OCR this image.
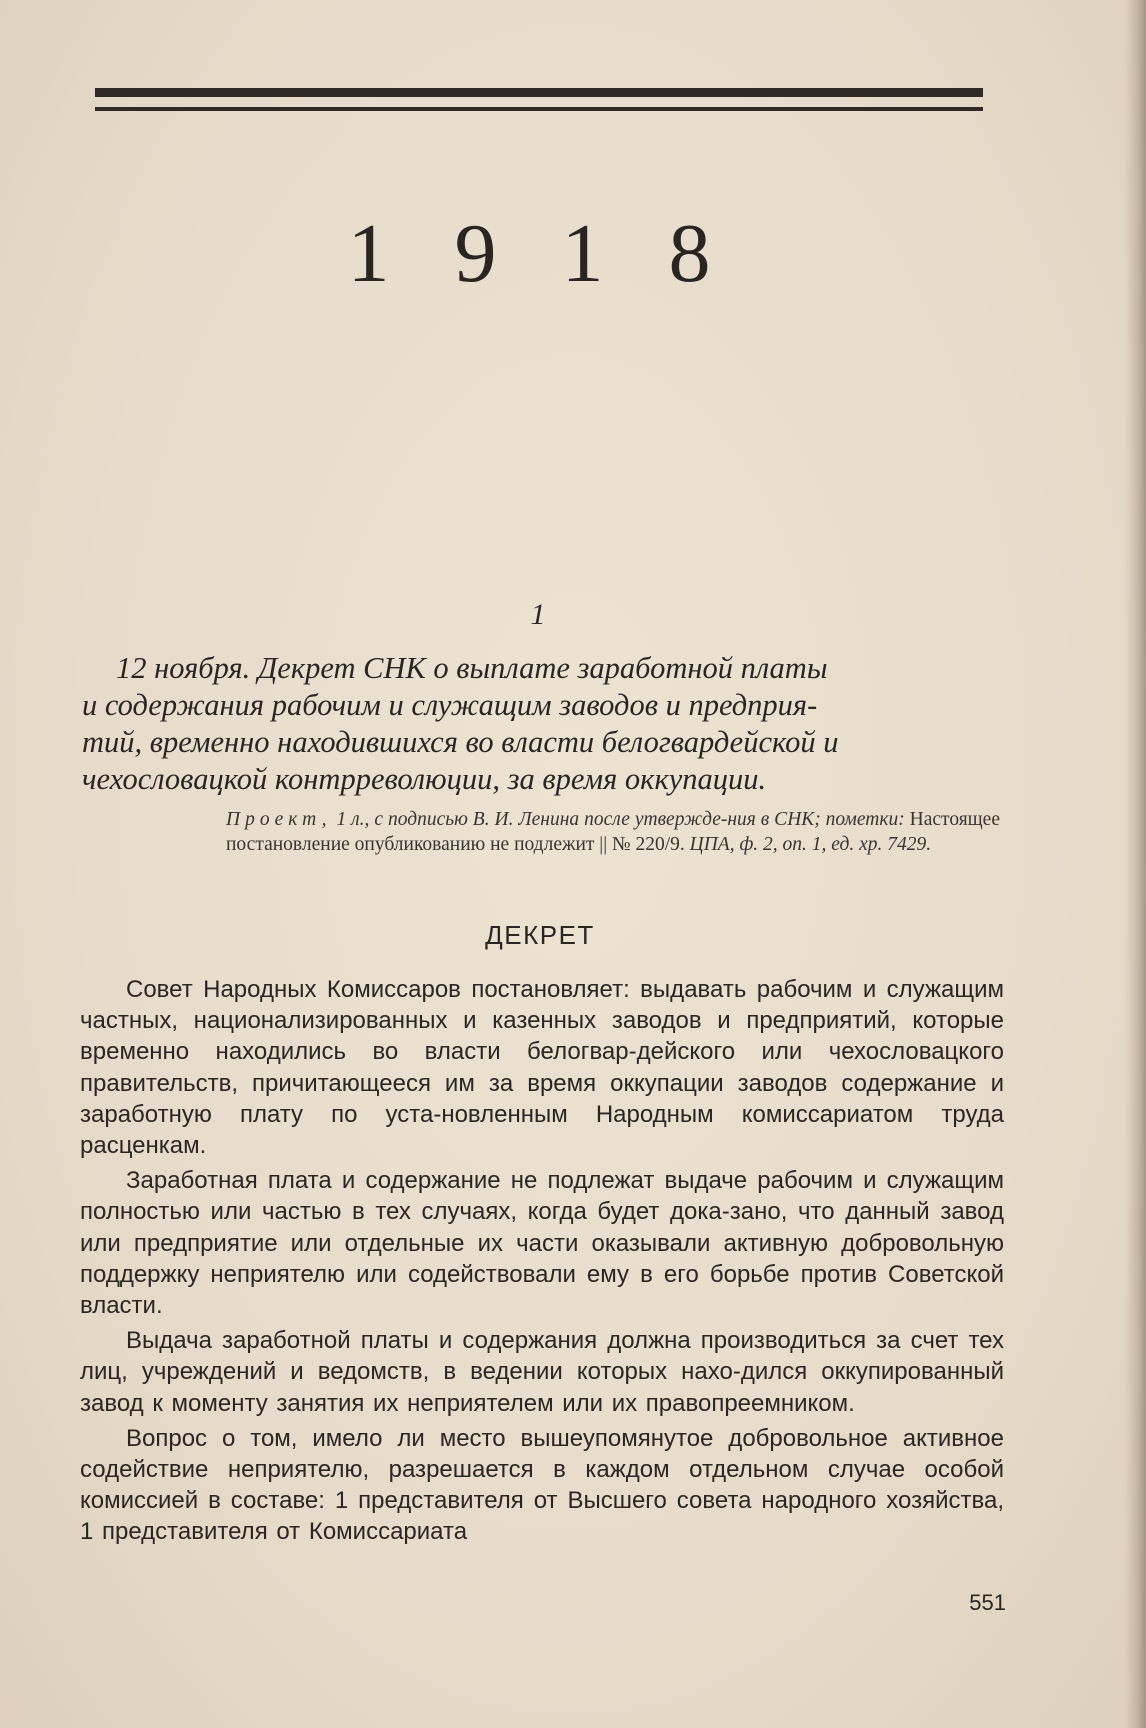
1 9 1 8
1

12 ноября. Декрет СНК о выплате заработной платы

и содержания рабочим и служащим заводов и предприя-

тий, временно находившихся во власти белогвардейской и

чехословацкой контрреволюции, за время оккупации.

Проект, 1 л., с подписью В. И. Ленина после утвержде-ния в СНК; пометки: Настоящее постановление опубликованию не подлежит || № 220/9. ЦПА, ф. 2, оп. 1, ед. хр. 7429.
ДЕКРЕТ

Совет Народных Комиссаров постановляет: выдавать рабочим и служащим частных, национализированных и казенных заводов и предприятий, которые временно находились во власти белогвар-дейского или чехословацкого правительств, причитающееся им за время оккупации заводов содержание и заработную плату по уста-новленным Народным комиссариатом труда расценкам.

Заработная плата и содержание не подлежат выдаче рабочим и служащим полностью или частью в тех случаях, когда будет дока-зано, что данный завод или предприятие или отдельные их части оказывали активную добровольную поддержку неприятелю или содействовали ему в его борьбе против Советской власти.

Выдача заработной платы и содержания должна производиться за счет тех лиц, учреждений и ведомств, в ведении которых нахо-дился оккупированный завод к моменту занятия их неприятелем или их правопреемником.

Вопрос о том, имело ли место вышеупомянутое добровольное активное содействие неприятелю, разрешается в каждом отдельном случае особой комиссией в составе: 1 представителя от Высшего совета народного хозяйства, 1 представителя от Комиссариата

551
